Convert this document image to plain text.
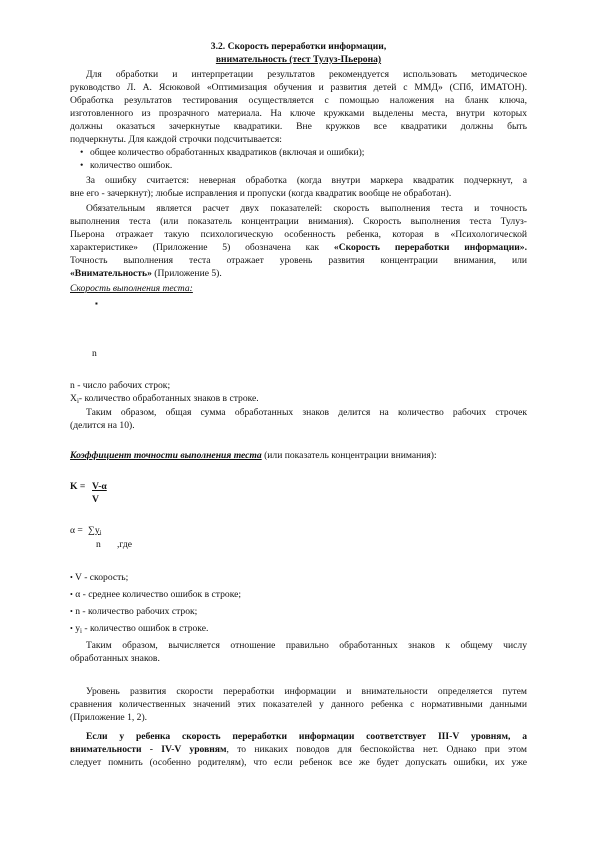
3.2. Скорость переработки информации,
внимательность (тест Тулуз-Пьерона)
Для обработки и интерпретации результатов рекомендуется использовать методическое
руководство Л. А. Ясюковой «Оптимизация обучения и развития детей с ММД» (СПб, ИМАТОН).
Обработка результатов тестирования осуществляется с помощью наложения на бланк ключа,
изготовленного из прозрачного материала. На ключе кружками выделены места, внутри которых
должны оказаться зачеркнутые квадратики. Вне кружков все квадратики должны быть
подчеркнуты. Для каждой строчки подсчитывается:
• общее количество обработанных квадратиков (включая и ошибки);
• количество ошибок.
За ошибку считается: неверная обработка (когда внутри маркера квадратик подчеркнут, а
вне его - зачеркнут); любые исправления и пропуски (когда квадратик вообще не обработан).
Обязательным является расчет двух показателей: скорость выполнения теста и точность
выполнения теста (или показатель концентрации внимания). Скорость выполнения теста Тулуз-
Пьерона отражает такую психологическую особенность ребенка, которая в «Психологической
характеристике» (Приложение 5) обозначена как «Скорость переработки информации».
Точность выполнения теста отражает уровень развития концентрации внимания, или
«Внимательность» (Приложение 5).
Скорость выполнения теста:
▪
n
n - число рабочих строк;
$X_i-$ количество обработанных знаков в строке.
Таким образом, общая сумма обработанных знаков делится на количество рабочих строчек
(делится на 10).
Коэффициент точности выполнения теста (или показатель концентрации внимания):
K = V-α
V
$\alpha = \sum y_i$
n ,где
• V - скорость;
• α - среднее количество ошибок в строке;
• n - количество рабочих строк;
• $y_i$ - количество ошибок в строке.
Таким образом, вычисляется отношение правильно обработанных знаков к общему числу
обработанных знаков.
Уровень развития скорости переработки информации и внимательности определяется путем
сравнения количественных значений этих показателей у данного ребенка с нормативными данными
(Приложение 1, 2).
Если у ребенка скорость переработки информации соответствует III-V уровням, а
внимательности - IV-V уровням, то никаких поводов для беспокойства нет. Однако при этом
следует помнить (особенно родителям), что если ребенок все же будет допускать ошибки, их уже
